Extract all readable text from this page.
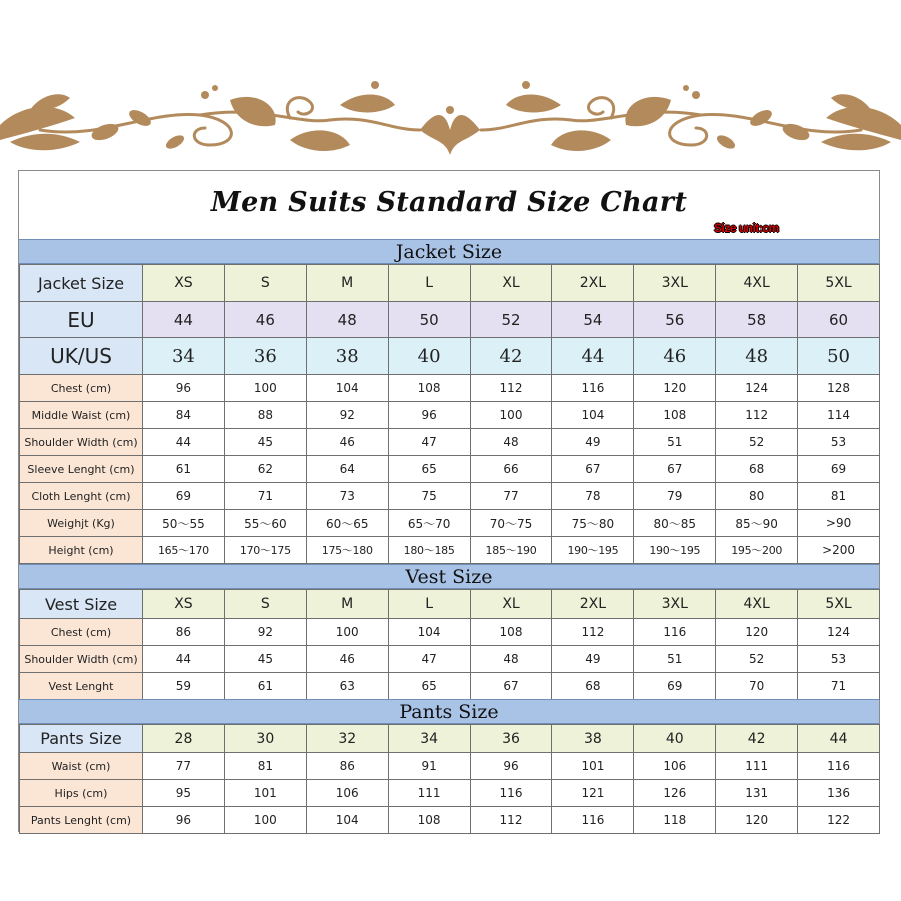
Men Suits Standard Size Chart
Size unit:cm
Jacket Size
Jacket Size	XS	S	M	L	XL	2XL	3XL	4XL	5XL
EU	44	46	48	50	52	54	56	58	60
UK/US	34	36	38	40	42	44	46	48	50
Chest (cm)	96	100	104	108	112	116	120	124	128
Middle Waist (cm)	84	88	92	96	100	104	108	112	114
Shoulder Width (cm)	44	45	46	47	48	49	51	52	53
Sleeve Lenght (cm)	61	62	64	65	66	67	67	68	69
Cloth Lenght (cm)	69	71	73	75	77	78	79	80	81
Weighjt (Kg)	50～55	55～60	60～65	65～70	70～75	75～80	80～85	85～90	>90
Height (cm)	165～170	170～175	175～180	180～185	185～190	190～195	190～195	195～200	>200
Vest Size
Vest Size	XS	S	M	L	XL	2XL	3XL	4XL	5XL
Chest (cm)	86	92	100	104	108	112	116	120	124
Shoulder Width (cm)	44	45	46	47	48	49	51	52	53
Vest Lenght	59	61	63	65	67	68	69	70	71
Pants Size
Pants Size	28	30	32	34	36	38	40	42	44
Waist (cm)	77	81	86	91	96	101	106	111	116
Hips (cm)	95	101	106	111	116	121	126	131	136
Pants Lenght (cm)	96	100	104	108	112	116	118	120	122
